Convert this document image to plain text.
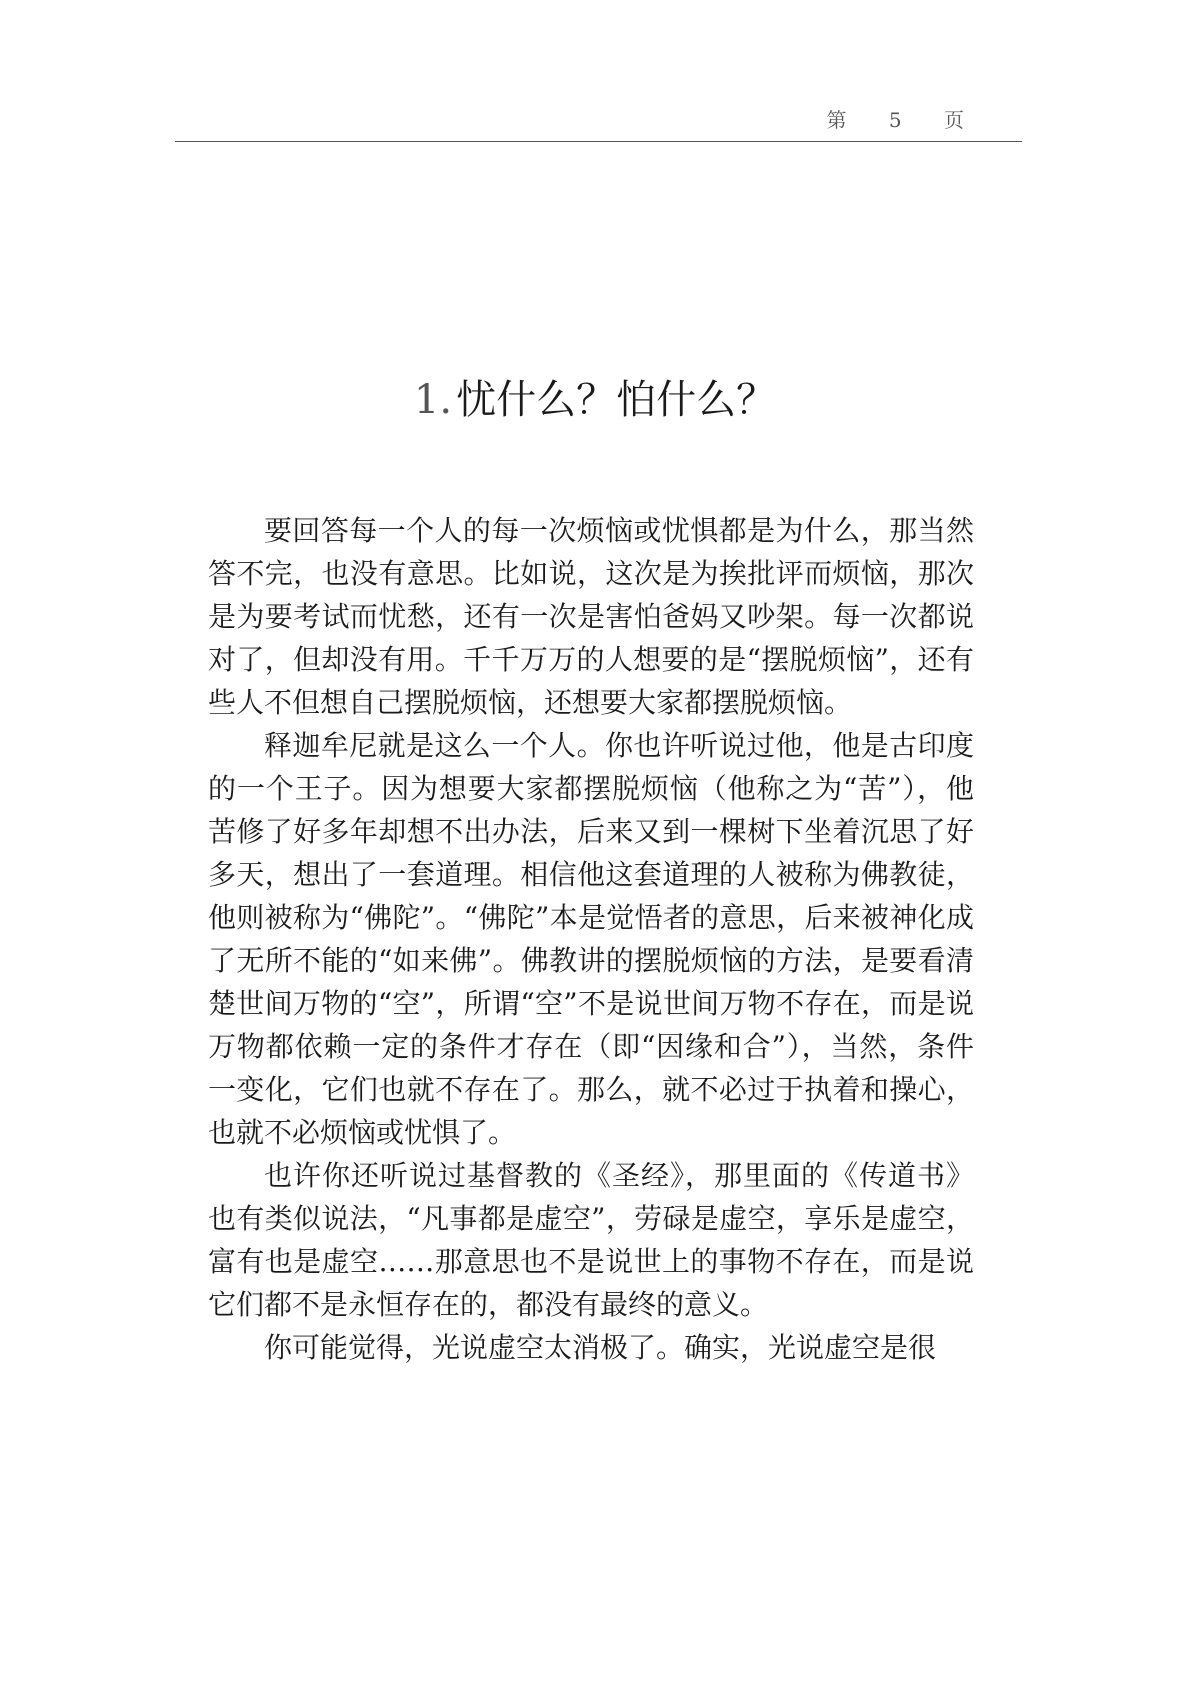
第 5 页
1. 忧什么？怕什么？

要回答每一个人的每一次烦恼或忧惧都是为什么，那当然答不完，也没有意思。比如说，这次是为挨批评而烦恼，那次是为要考试而忧愁，还有一次是害怕爸妈又吵架。每一次都说对了，但却没有用。千千万万的人想要的是“摆脱烦恼”，还有些人不但想自己摆脱烦恼，还想要大家都摆脱烦恼。

释迦牟尼就是这么一个人。你也许听说过他，他是古印度的一个王子。因为想要大家都摆脱烦恼（他称之为“苦”），他苦修了好多年却想不出办法，后来又到一棵树下坐着沉思了好多天，想出了一套道理。相信他这套道理的人被称为佛教徒，他则被称为“佛陀”。“佛陀”本是觉悟者的意思，后来被神化成了无所不能的“如来佛”。佛教讲的摆脱烦恼的方法，是要看清楚世间万物的“空”，所谓“空”不是说世间万物不存在，而是说万物都依赖一定的条件才存在（即“因缘和合”），当然，条件一变化，它们也就不存在了。那么，就不必过于执着和操心，也就不必烦恼或忧惧了。

也许你还听说过基督教的《圣经》，那里面的《传道书》也有类似说法，“凡事都是虚空”，劳碌是虚空，享乐是虚空，富有也是虚空……那意思也不是说世上的事物不存在，而是说它们都不是永恒存在的，都没有最终的意义。

你可能觉得，光说虚空太消极了。确实，光说虚空是很
